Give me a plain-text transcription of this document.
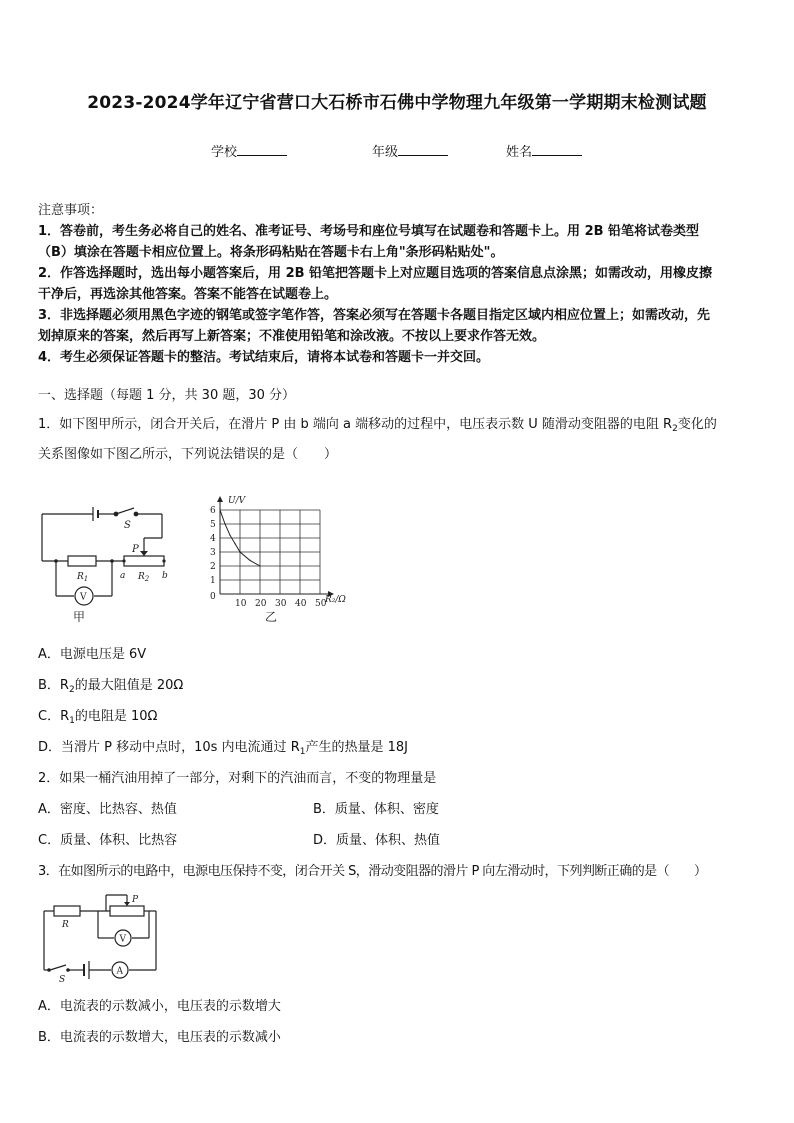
2023-2024学年辽宁省营口大石桥市石佛中学物理九年级第一学期期末检测试题
学校	年级	姓名
注意事项：
1．答卷前，考生务必将自己的姓名、准考证号、考场号和座位号填写在试题卷和答题卡上。用 2B 铅笔将试卷类型
（B）填涂在答题卡相应位置上。将条形码粘贴在答题卡右上角"条形码粘贴处"。
2．作答选择题时，选出每小题答案后，用 2B 铅笔把答题卡上对应题目选项的答案信息点涂黑；如需改动，用橡皮擦
干净后，再选涂其他答案。答案不能答在试题卷上。
3．非选择题必须用黑色字迹的钢笔或签字笔作答，答案必须写在答题卡各题目指定区域内相应位置上；如需改动，先
划掉原来的答案，然后再写上新答案；不准使用铅笔和涂改液。不按以上要求作答无效。
4．考生必须保证答题卡的整洁。考试结束后，请将本试卷和答题卡一并交回。
一、选择题（每题 1 分，共 30 题，30 分）
1．如下图甲所示，闭合开关后，在滑片 P 由 b 端向 a 端移动的过程中，电压表示数 U 随滑动变阻器的电阻 $R_2$变化的
关系图像如下图乙所示，下列说法错误的是（　　）
S
P
$R_1$	$R_2$
a	b
V
甲
1
2
3
4
5
6
10 20 30 40 50
U/V
R₂/Ω
0
乙
A．电源电压是 6V
B．$R_2$的最大阻值是 20Ω
C．$R_1$的电阻是 10Ω
D．当滑片 P 移动中点时，10s 内电流通过 $R_1$产生的热量是 18J
2．如果一桶汽油用掉了一部分，对剩下的汽油而言，不变的物理量是
A．密度、比热容、热值	B．质量、体积、密度
C．质量、体积、比热容	D．质量、体积、热值
3．在如图所示的电路中，电源电压保持不变，闭合开关 S，滑动变阻器的滑片 P 向左滑动时，下列判断正确的是（　　）
R
P
V
S
A
A．电流表的示数减小，电压表的示数增大
B．电流表的示数增大，电压表的示数减小
